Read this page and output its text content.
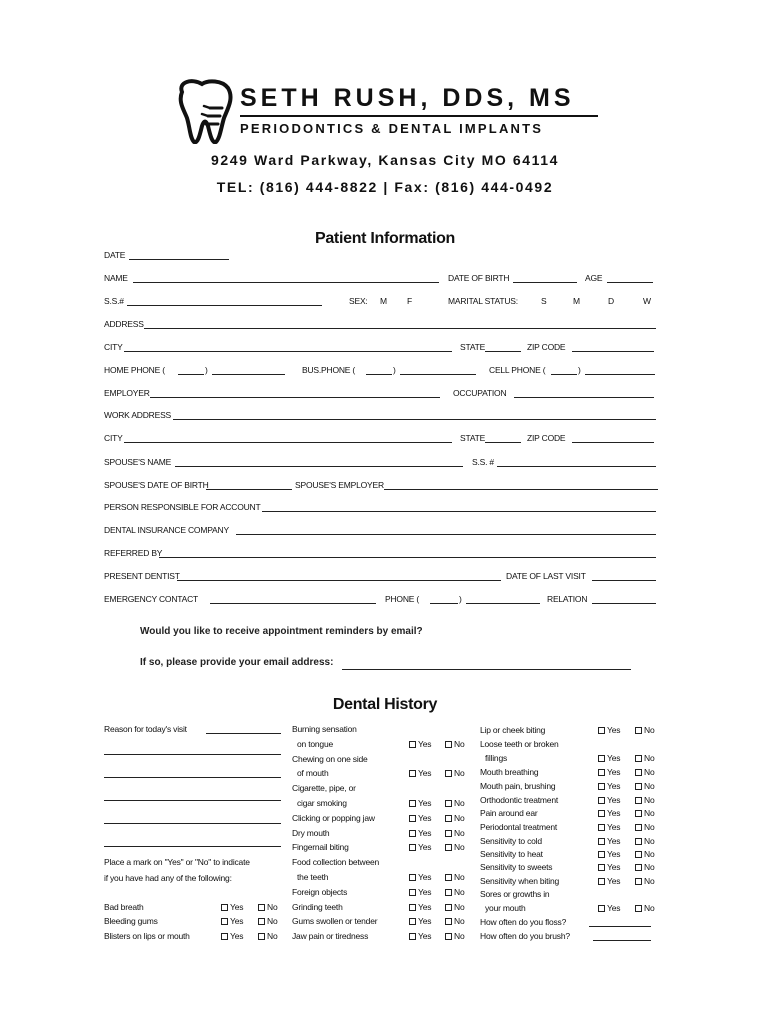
SETH RUSH, DDS, MS
PERIODONTICS & DENTAL IMPLANTS
9249 Ward Parkway, Kansas City MO 64114
TEL: (816) 444-8822 | Fax: (816) 444-0492
Patient Information
DATE
NAME	DATE OF BIRTH	AGE
S.S.#	SEX: M F	MARITAL STATUS:	S	M	D	W
ADDRESS
CITY	STATE	ZIP CODE
HOME PHONE (	)	BUS.PHONE (	)	CELL PHONE (	)
EMPLOYER	OCCUPATION
WORK ADDRESS
CITY	STATE	ZIP CODE
SPOUSE'S NAME	S.S. #
SPOUSE'S DATE OF BIRTH	SPOUSE'S EMPLOYER
PERSON RESPONSIBLE FOR ACCOUNT
DENTAL INSURANCE COMPANY
REFERRED BY
PRESENT DENTIST	DATE OF LAST VISIT
EMERGENCY CONTACT	PHONE (	)	RELATION
Would you like to receive appointment reminders by email?
If so, please provide your email address:
Dental History
Reason for today's visit
Place a mark on "Yes" or "No" to indicate
if you have had any of the following:
Bad breath	Yes	No
Bleeding gums	Yes	No
Blisters on lips or mouth	Yes	No
Burning sensation
on tongue	Yes	No
Chewing on one side
of mouth	Yes	No
Cigarette, pipe, or
cigar smoking	Yes	No
Clicking or popping jaw	Yes	No
Dry mouth	Yes	No
Fingernail biting	Yes	No
Food collection between
the teeth	Yes	No
Foreign objects	Yes	No
Grinding teeth	Yes	No
Gums swollen or tender	Yes	No
Jaw pain or tiredness	Yes	No
Lip or cheek biting	Yes	No
Loose teeth or broken
fillings	Yes	No
Mouth breathing	Yes	No
Mouth pain, brushing	Yes	No
Orthodontic treatment	Yes	No
Pain around ear	Yes	No
Periodontal treatment	Yes	No
Sensitivity to cold	Yes	No
Sensitivity to heat	Yes	No
Sensitivity to sweets	Yes	No
Sensitivity when biting	Yes	No
Sores or growths in
your mouth	Yes	No
How often do you floss?
How often do you brush?
